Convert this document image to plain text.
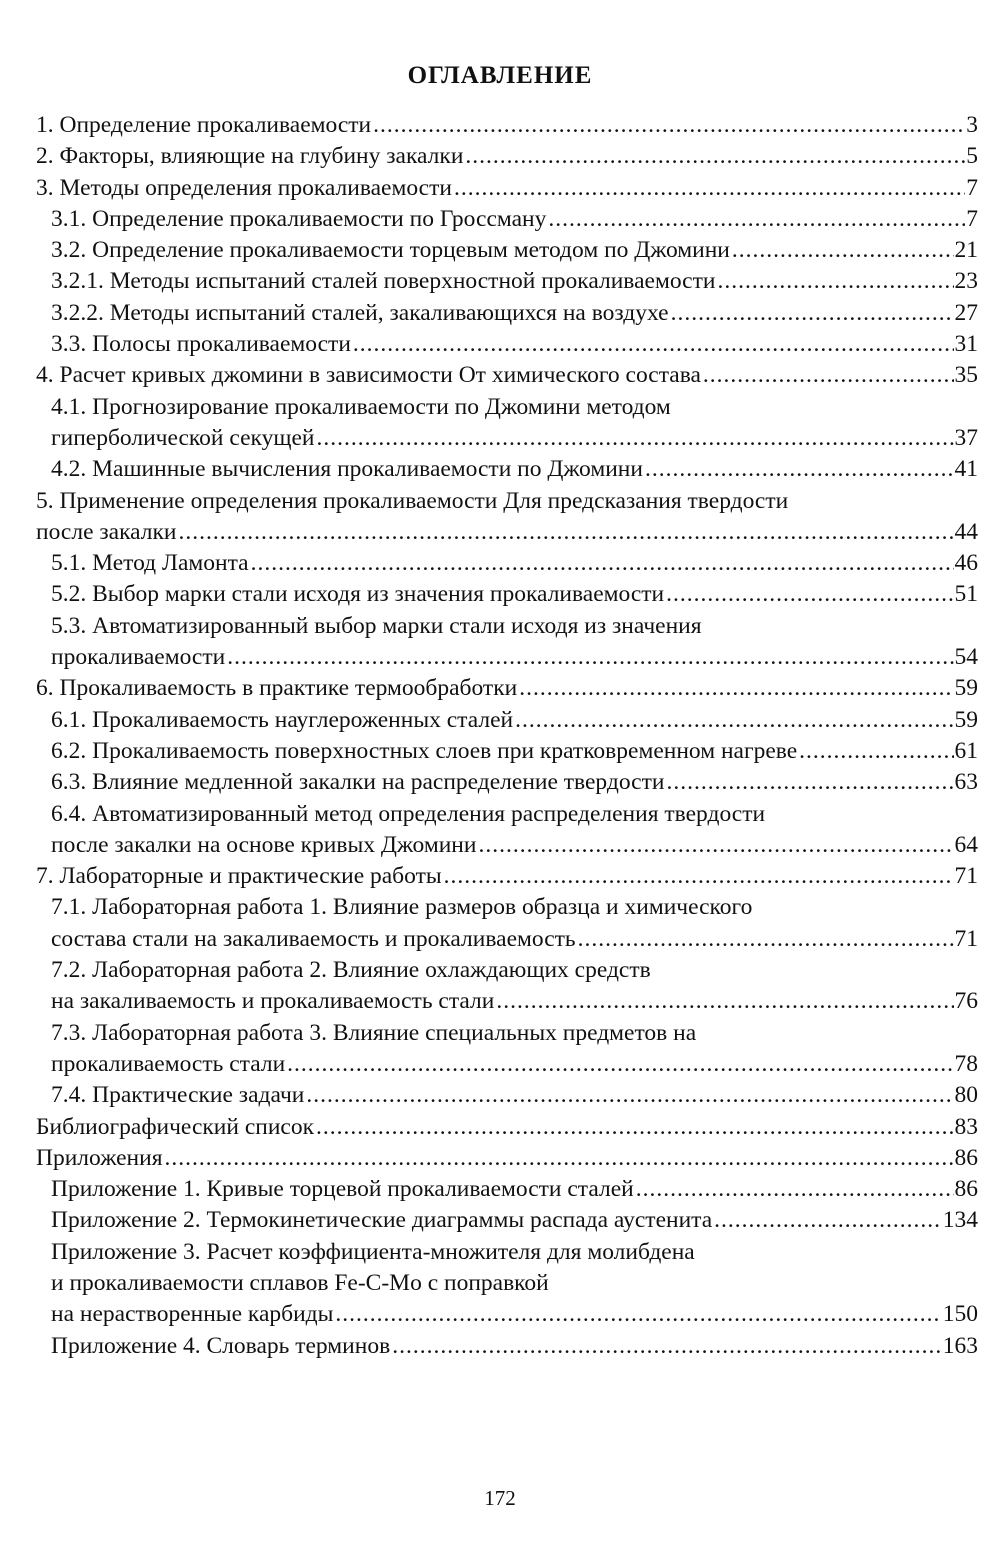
ОГЛАВЛЕНИЕ
1. Определение прокаливаемости .....	3
2. Факторы, влияющие на глубину закалки .....	5
3. Методы определения прокаливаемости .....	7
3.1. Определение прокаливаемости по Гроссману .....	7
3.2. Определение прокаливаемости торцевым методом по Джомини .....	21
3.2.1. Методы испытаний сталей поверхностной прокаливаемости .....	23
3.2.2. Методы испытаний сталей, закаливающихся на воздухе .....	27
3.3. Полосы прокаливаемости .....	31
4. Расчет кривых джомини в зависимости От химического состава .....	35
4.1. Прогнозирование прокаливаемости по Джомини методом
гиперболической секущей .....	37
4.2. Машинные вычисления прокаливаемости по Джомини .....	41
5. Применение определения прокаливаемости Для предсказания твердости
после закалки .....	44
5.1. Метод Ламонта .....	46
5.2. Выбор марки стали исходя из значения прокаливаемости .....	51
5.3. Автоматизированный выбор марки стали исходя из значения
прокаливаемости .....	54
6. Прокаливаемость в практике термообработки .....	59
6.1. Прокаливаемость науглероженных сталей .....	59
6.2. Прокаливаемость поверхностных слоев при кратковременном нагреве .....	61
6.3. Влияние медленной закалки на распределение твердости .....	63
6.4. Автоматизированный метод определения распределения твердости
после закалки на основе кривых Джомини .....	64
7. Лабораторные и практические работы .....	71
7.1. Лабораторная работа 1. Влияние размеров образца и химического
состава стали на закаливаемость и прокаливаемость .....	71
7.2. Лабораторная работа 2. Влияние охлаждающих средств
на закаливаемость и прокаливаемость стали .....	76
7.3. Лабораторная работа 3. Влияние специальных предметов на
прокаливаемость стали .....	78
7.4. Практические задачи .....	80
Библиографический список .....	83
Приложения .....	86
Приложение 1. Кривые торцевой прокаливаемости сталей .....	86
Приложение 2. Термокинетические диаграммы распада аустенита .....	134
Приложение 3. Расчет коэффициента-множителя для молибдена
и прокаливаемости сплавов Fe-C-Mo с поправкой
на нерастворенные карбиды .....	150
Приложение 4. Словарь терминов .....	163
172
